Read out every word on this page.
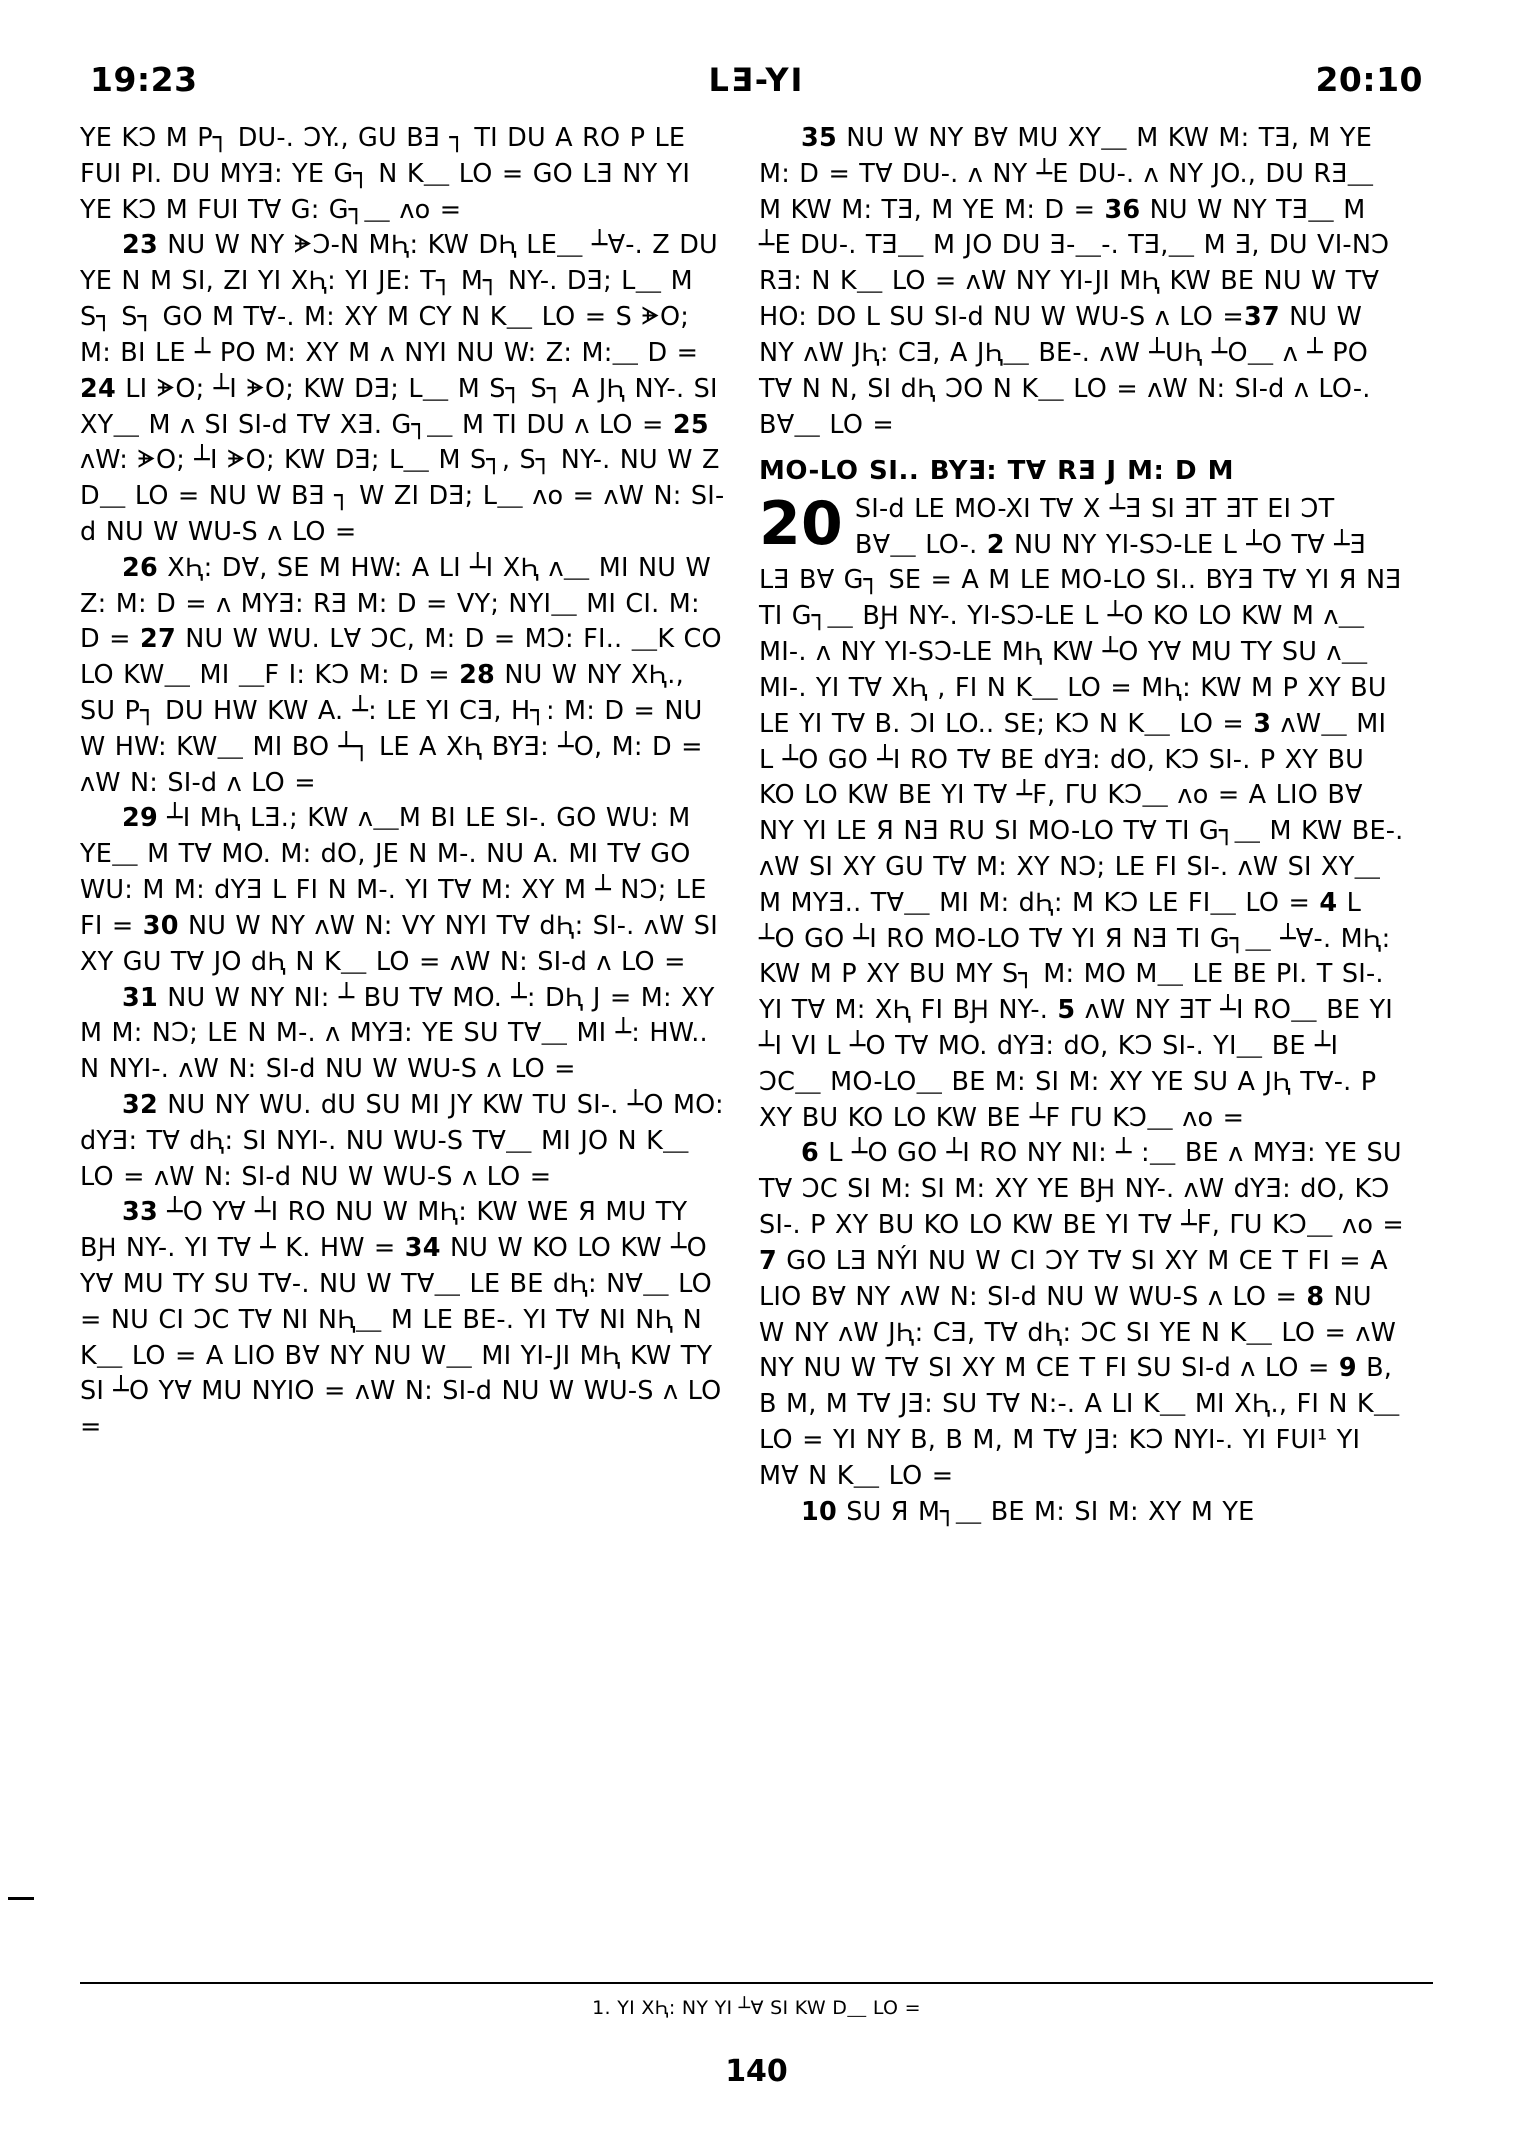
19:23	LƎ-YI	20:10

YE KƆ M P┐ DU-. ƆY., GU BƎ ┐ TI DU A RO P LE FUI PI. DU MYƎ: YE G┐ N K⸏ LO = GO LƎ NY YI YE KƆ M FUI TⱯ G: G┐⸏ ʌo =

23 NU W NY ᗘƆ-N MԦ: KW DԦ LE⸏ ┴Ɐ-. Z DU YE N M SI, ZI YI XԦ: YI JE: T┐ M┐ NY-. DƎ; L⸏ M S┐ S┐ GO M TⱯ-. M: XY M CY N K⸏ LO = S ᗘO; M: BI LE ┴ PO M: XY M ʌ NYI NU W: Z: M:⸏ D = 24 LI ᗘO; ┴I ᗘO; KW DƎ; L⸏ M S┐ S┐ A JԦ NY-. SI XY⸏ M ʌ SI SI-d TⱯ XƎ. G┐⸏ M TI DU ʌ LO = 25 ʌW: ᗘO; ┴I ᗘO; KW DƎ; L⸏ M S┐, S┐ NY-. NU W Z D⸏ LO = NU W BƎ ┐ W ZI DƎ; L⸏ ʌo = ʌW N: SI-d NU W WU-S ʌ LO =

26 XԦ: DⱯ, SE M HW: A LI ┴I XԦ ʌ⸏ MI NU W Z: M: D = ʌ MYƎ: RƎ M: D = VY; NYI⸏ MI CI. M: D = 27 NU W WU. LⱯ ƆC, M: D = MƆ: FI.. ⸏K CO LO KW⸏ MI ⸏F I: KƆ M: D = 28 NU W NY XԦ., SU P┐ DU HW KW A. ┴: LE YI CƎ, H┐: M: D = NU W HW: KW⸏ MI BO ┴┐ LE A XԦ BYƎ: ┴O, M: D = ʌW N: SI-d ʌ LO =

29 ┴I MԦ LƎ.; KW ʌ⸏M BI LE SI-. GO WU: M YE⸏ M TⱯ MO. M: dO, JE N M-. NU A. MI TⱯ GO WU: M M: dYƎ L FI N M-. YI TⱯ M: XY M ┴ NƆ; LE FI = 30 NU W NY ʌW N: VY NYI TⱯ dԦ: SI-. ʌW SI XY GU TⱯ JO dԦ N K⸏ LO = ʌW N: SI-d ʌ LO =

31 NU W NY NI: ┴ BU TⱯ MO. ┴: DԦ J = M: XY M M: NƆ; LE N M-. ʌ MYƎ: YE SU TⱯ⸏ MI ┴: HW.. N NYI-. ʌW N: SI-d NU W WU-S ʌ LO =

32 NU NY WU. dU SU MI JY KW TU SI-. ┴O MO: dYƎ: TⱯ dԦ: SI NYI-. NU WU-S TⱯ⸏ MI JO N K⸏ LO = ʌW N: SI-d NU W WU-S ʌ LO =

33 ┴O YⱯ ┴I RO NU W MԦ: KW WE Я MU TY BԨ NY-. YI TⱯ ┴ K. HW = 34 NU W KO LO KW ┴O YⱯ MU TY SU TⱯ-. NU W TⱯ⸏ LE BE dԦ: NⱯ⸏ LO = NU CI ƆC TⱯ NI NԦ⸏ M LE BE-. YI TⱯ NI NԦ N K⸏ LO = A LIO BⱯ NY NU W⸏ MI YI-JI MԦ KW TY SI ┴O YⱯ MU NYIO = ʌW N: SI-d NU W WU-S ʌ LO =

35 NU W NY BⱯ MU XY⸏ M KW M: TƎ, M YE M: D = TⱯ DU-. ʌ NY ┴E DU-. ʌ NY JO., DU RƎ⸏ M KW M: TƎ, M YE M: D = 36 NU W NY TƎ⸏ M ┴E DU-. TƎ⸏ M JO DU Ǝ-⸏-. TƎ,⸏ M Ǝ, DU VI-NƆ RƎ: N K⸏ LO = ʌW NY YI-JI MԦ KW BE NU W TⱯ HO: DO L SU SI-d NU W WU-S ʌ LO =37 NU W NY ʌW JԦ: CƎ, A JԦ⸏ BE-. ʌW ┴UԦ ┴O⸏ ʌ ┴ PO TⱯ N N, SI dԦ ƆO N K⸏ LO = ʌW N: SI-d ʌ LO-. BⱯ⸏ LO =

MO-LO SI.. BYƎ: TⱯ RƎ J M: D M
20 SI-d LE MO-XI TⱯ X ┴Ǝ SI ƎT ƎT EI ƆT BⱯ⸏ LO-. 2 NU NY YI-SƆ-LE L ┴O TⱯ ┴Ǝ LƎ BⱯ G┐ SE = A M LE MO-LO SI.. BYƎ TⱯ YI Я NƎ TI G┐⸏ BԨ NY-. YI-SƆ-LE L ┴O KO LO KW M ʌ⸏ MI-. ʌ NY YI-SƆ-LE MԦ KW ┴O YⱯ MU TY SU ʌ⸏ MI-. YI TⱯ XԦ , FI N K⸏ LO = MԦ: KW M P XY BU LE YI TⱯ Β. ƆI LO.. SE; KƆ N K⸏ LO = 3 ʌW⸏ MI L ┴O GO ┴I RO TⱯ BE dYƎ: dO, KƆ SI-. P XY BU KO LO KW BE YI TⱯ ┴F, ΓU KƆ⸏ ʌo = A LIO BⱯ NY YI LE Я NƎ RU SI MO-LO TⱯ TI G┐⸏ M KW BE-. ʌW SI XY GU TⱯ M: XY NƆ; LE FI SI-. ʌW SI XY⸏ M MYƎ.. TⱯ⸏ MI M: dԦ: M KƆ LE FI⸏ LO = 4 L ┴O GO ┴I RO MO-LO TⱯ YI Я NƎ TI G┐⸏ ┴Ɐ-. MԦ: KW M P XY BU MY S┐ M: MO M⸏ LE BE PI. T SI-. YI TⱯ M: XԦ FI BԨ NY-. 5 ʌW NY ƎT ┴I RO⸏ BE YI ┴I VI L ┴O TⱯ MO. dYƎ: dO, KƆ SI-. YI⸏ BE ┴I ƆC⸏ MO-LO⸏ BE M: SI M: XY YE SU A JԦ TⱯ-. P XY BU KO LO KW BE ┴F ΓU KƆ⸏ ʌo =

6 L ┴O GO ┴I RO NY NI: ┴ :⸏ BE ʌ MYƎ: YE SU TⱯ ƆC SI M: SI M: XY YE BԨ NY-. ʌW dYƎ: dO, KƆ SI-. P XY BU KO LO KW BE YI TⱯ ┴F, ΓU KƆ⸏ ʌo = 7 GO LƎ NÝI NU W CI ƆY TⱯ SI XY M CE T FI = A LIO BⱯ NY ʌW N: SI-d NU W WU-S ʌ LO = 8 NU W NY ʌW JԦ: CƎ, TⱯ dԦ: ƆC SI YE N K⸏ LO = ʌW NY NU W TⱯ SI XY M CE T FI SU SI-d ʌ LO = 9 B, B M, M TⱯ JƎ: SU TⱯ N:-. A LI K⸏ MI XԦ., FI N K⸏ LO = YI NY B, B M, M TⱯ JƎ: KƆ NYI-. YI FUI¹ YI MⱯ N K⸏ LO =

10 SU Я M┐⸏ BE M: SI M: XY M YE

1. YI XԦ: NY YI ┴Ɐ SI KW D⸏ LO =
140
